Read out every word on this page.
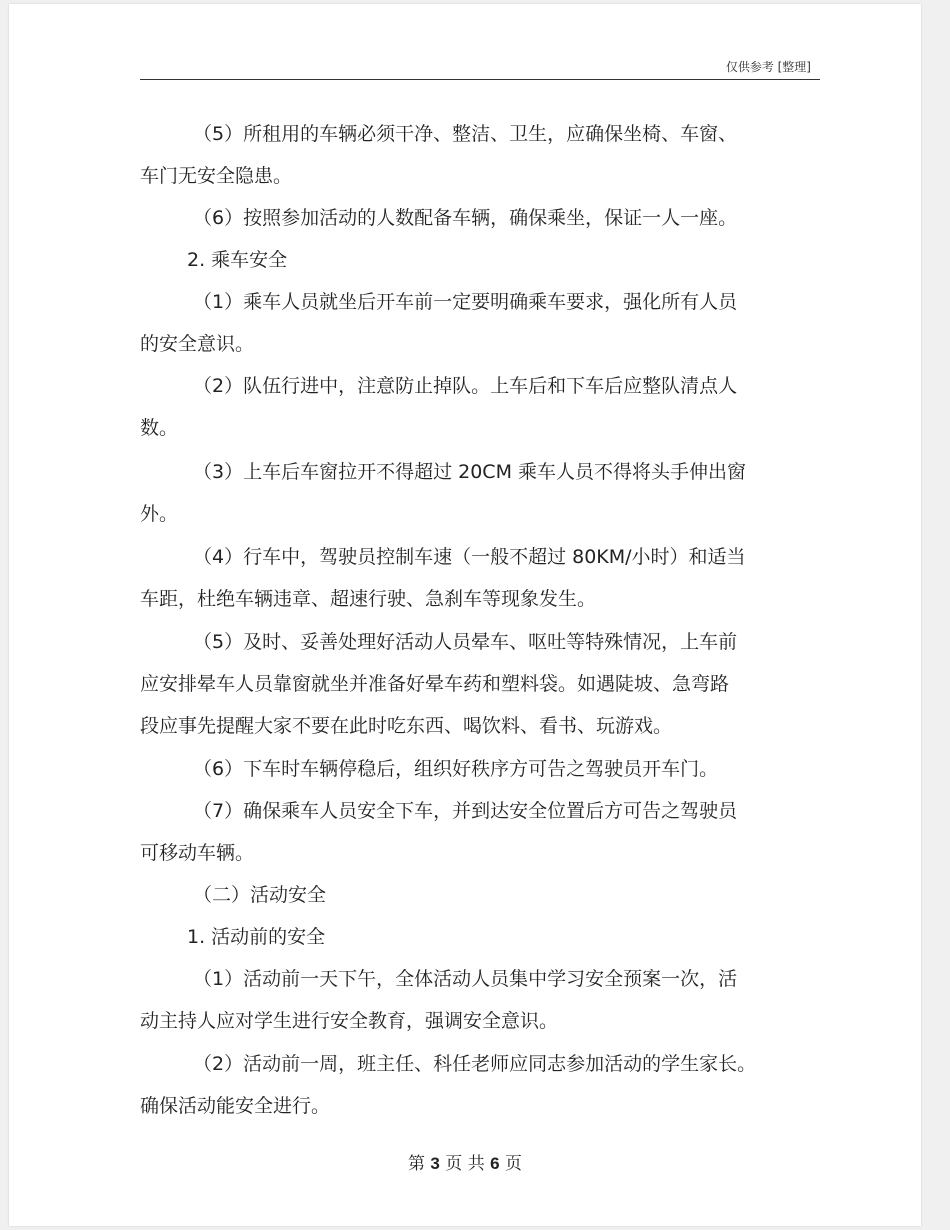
仅供参考 [整理]
（5）所租用的车辆必须干净、整洁、卫生，应确保坐椅、车窗、
车门无安全隐患。
（6）按照参加活动的人数配备车辆，确保乘坐，保证一人一座。
2. 乘车安全
（1）乘车人员就坐后开车前一定要明确乘车要求，强化所有人员
的安全意识。
（2）队伍行进中，注意防止掉队。上车后和下车后应整队清点人
数。
（3）上车后车窗拉开不得超过 20CM 乘车人员不得将头手伸出窗
外。
（4）行车中，驾驶员控制车速（一般不超过 80KM/小时）和适当
车距，杜绝车辆违章、超速行驶、急刹车等现象发生。
（5）及时、妥善处理好活动人员晕车、呕吐等特殊情况，上车前
应安排晕车人员靠窗就坐并准备好晕车药和塑料袋。如遇陡坡、急弯路
段应事先提醒大家不要在此时吃东西、喝饮料、看书、玩游戏。
（6）下车时车辆停稳后，组织好秩序方可告之驾驶员开车门。
（7）确保乘车人员安全下车，并到达安全位置后方可告之驾驶员
可移动车辆。
（二）活动安全
1. 活动前的安全
（1）活动前一天下午，全体活动人员集中学习安全预案一次，活
动主持人应对学生进行安全教育，强调安全意识。
（2）活动前一周，班主任、科任老师应同志参加活动的学生家长。
确保活动能安全进行。
第 3 页 共 6 页
